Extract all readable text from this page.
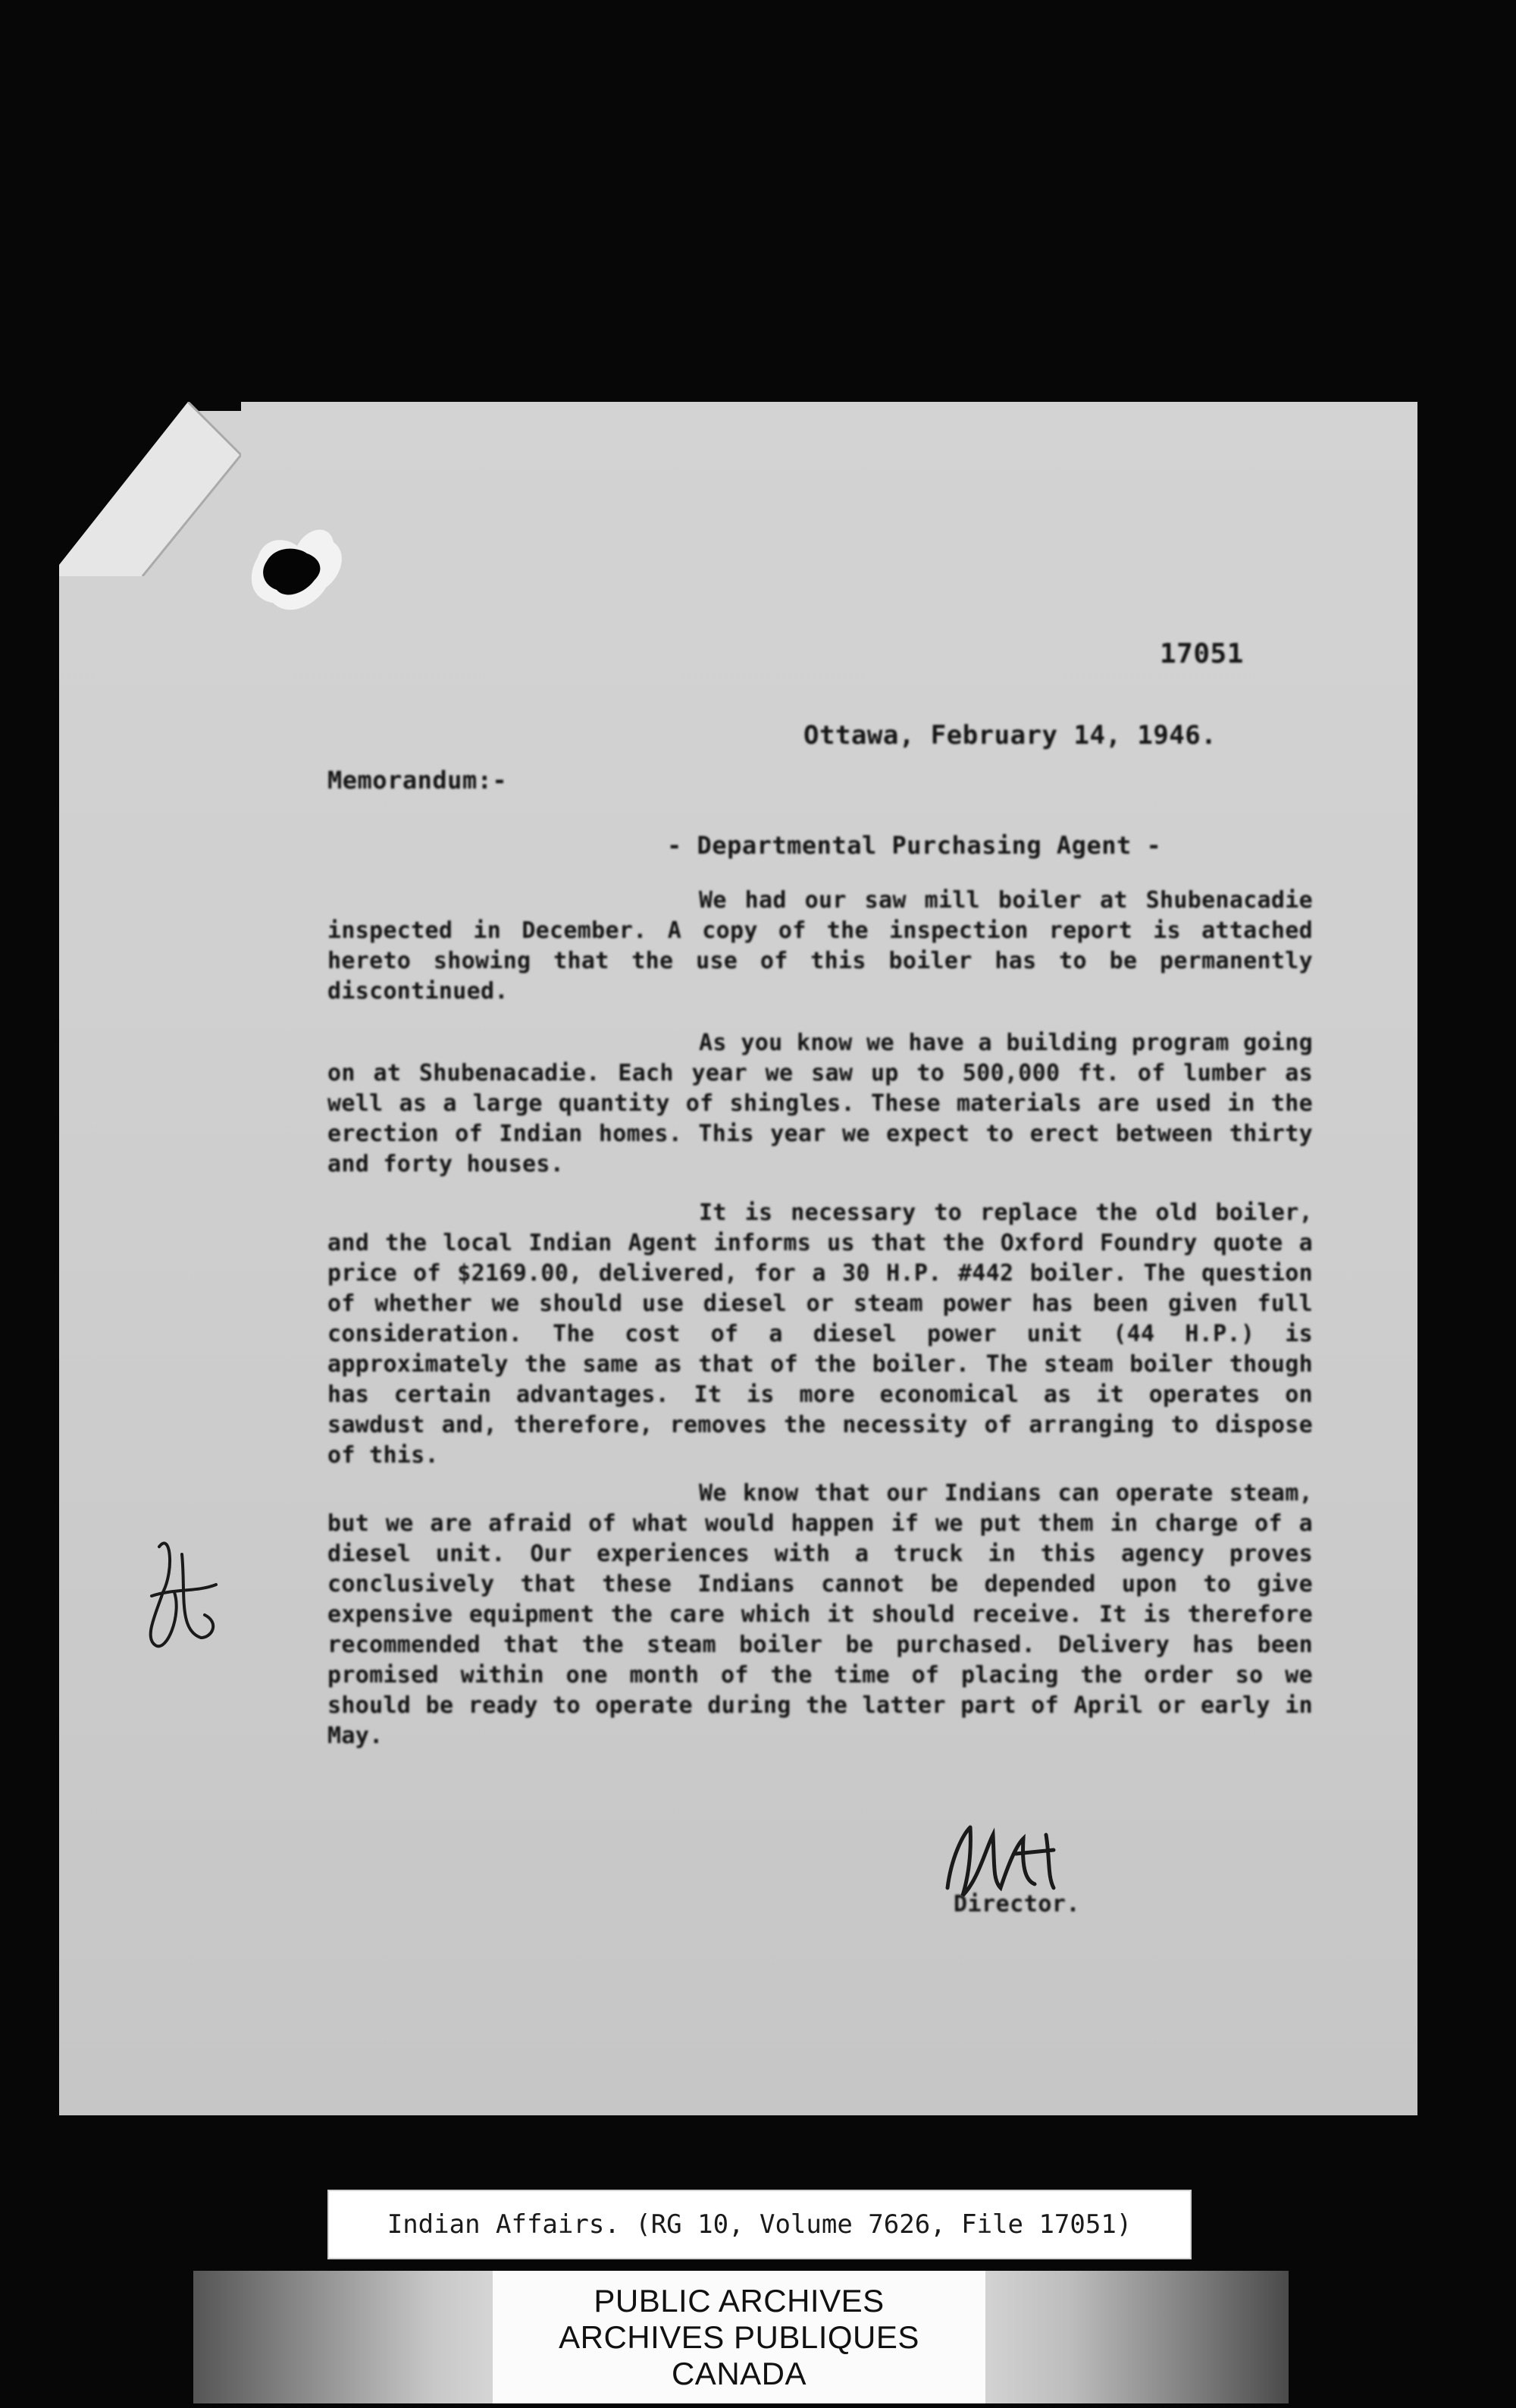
17051
Ottawa, February 14, 1946.
Memorandum:-
- Departmental Purchasing Agent -
We had our saw mill boiler at Shubenacadie inspected in December. A copy of the inspection report is attached hereto showing that the use of this boiler has to be permanently discontinued.
As you know we have a building program going on at Shubenacadie. Each year we saw up to 500,000 ft. of lumber as well as a large quantity of shingles. These materials are used in the erection of Indian homes. This year we expect to erect between thirty and forty houses.
It is necessary to replace the old boiler, and the local Indian Agent informs us that the Oxford Foundry quote a price of $2169.00, delivered, for a 30 H.P. #442 boiler. The question of whether we should use diesel or steam power has been given full consideration. The cost of a diesel power unit (44 H.P.) is approximately the same as that of the boiler. The steam boiler though has certain advantages. It is more economical as it operates on sawdust and, therefore, removes the necessity of arranging to dispose of this.
We know that our Indians can operate steam, but we are afraid of what would happen if we put them in charge of a diesel unit. Our experiences with a truck in this agency proves conclusively that these Indians cannot be depended upon to give expensive equipment the care which it should receive. It is therefore recommended that the steam boiler be purchased. Delivery has been promised within one month of the time of placing the order so we should be ready to operate during the latter part of April or early in May.
Director.
Indian Affairs. (RG 10, Volume 7626, File 17051)
PUBLIC ARCHIVES
ARCHIVES PUBLIQUES
CANADA
